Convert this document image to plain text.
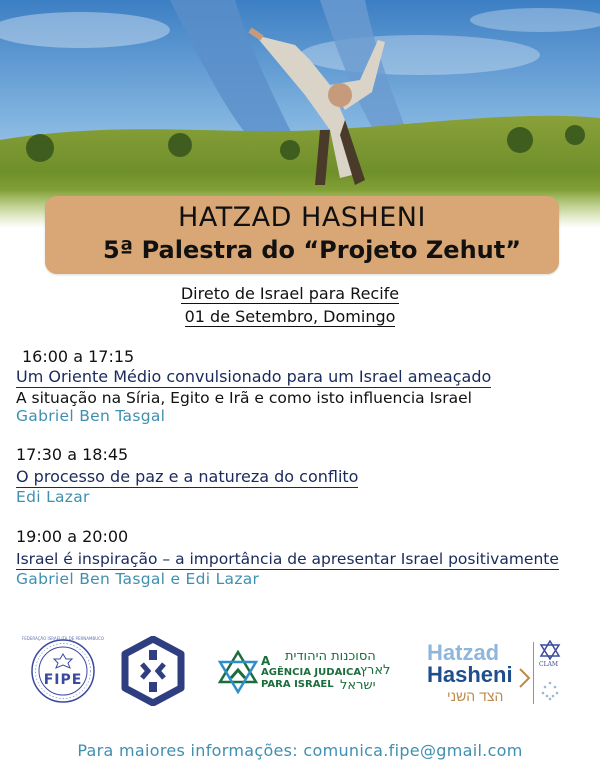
HATZAD HASHENI
5ª Palestra do “Projeto Zehut”
Direto de Israel para Recife
01 de Setembro, Domingo
16:00 a 17:15
Um Oriente Médio convulsionado para um Israel ameaçado
A situação na Síria, Egito e Irã e como isto influencia Israel
Gabriel Ben Tasgal
17:30 a 18:45
O processo de paz e a natureza do conflito
Edi Lazar
19:00 a 20:00
Israel é inspiração – a importância de apresentar Israel positivamente
Gabriel Ben Tasgal e Edi Lazar
FIPE
FEDERAÇÃO ISRAELITA DE PERNAMBUCO
A הסוכנות היהודית
AGÊNCIA JUDAICA
לארץ
PARA ISRAEL ישראל
Hatzad
Hasheni
הצד השני
CLAM
Para maiores informações: comunica.fipe@gmail.com
